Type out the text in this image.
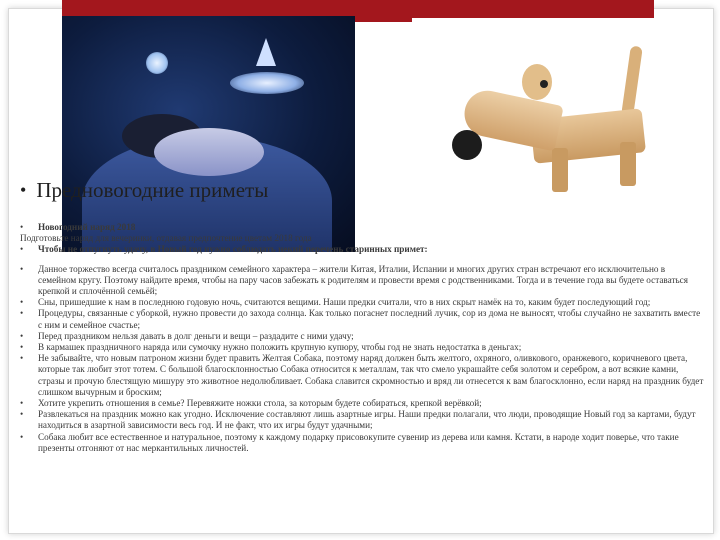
• Предновогодние приметы
•	Новогодний наряд 2018
Подготовьте наряд для вечеринки, отдавая предпочтение цветам 2018 года
•	Чтобы не отпугнуть удачу, в Новый год нужно соблюдать некий перечень старинных примет:
•	Данное торжество всегда считалось праздником семейного характера – жители Китая, Италии, Испании и многих других стран встречают его исключительно в семейном кругу. Поэтому найдите время, чтобы на пару часов забежать к родителям и провести время с родственниками. Тогда и в течение года вы будете оставаться крепкой и сплочённой семьёй;
•	Сны, пришедшие к нам в последнюю годовую ночь, считаются вещими. Наши предки считали, что в них скрыт намёк на то, каким будет последующий год;
•	Процедуры, связанные с уборкой, нужно провести до захода солнца. Как только погаснет последний лучик, сор из дома не выносят, чтобы случайно не захватить вместе с ним и семейное счастье;
•	Перед праздником нельзя давать в долг деньги и вещи – раздадите с ними удачу;
•	В кармашек праздничного наряда или сумочку нужно положить крупную купюру, чтобы год не знать недостатка в деньгах;
•	Не забывайте, что новым патроном жизни будет править Желтая Собака, поэтому наряд должен быть желтого, охряного, оливкового, оранжевого, коричневого цвета, которые так любит этот тотем. С большой благосклонностью Собака относится к металлам, так что смело украшайте себя золотом и серебром, а вот всякие камни, стразы и прочую блестящую мишуру это животное недолюбливает. Собака славится скромностью и вряд ли отнесется к вам благосклонно, если наряд на праздник будет слишком вычурным и броским;
•	Хотите укрепить отношения в семье? Перевяжите ножки стола, за которым будете собираться, крепкой верёвкой;
•	Развлекаться на праздник можно как угодно. Исключение составляют лишь азартные игры. Наши предки полагали, что люди, проводящие Новый год за картами, будут находиться в азартной зависимости весь год. И не факт, что их игры будут удачными;
•	Собака любит все естественное и натуральное, поэтому к каждому подарку присовокупите сувенир из дерева или камня. Кстати, в народе ходит поверье, что такие презенты отгоняют от нас меркантильных личностей.
